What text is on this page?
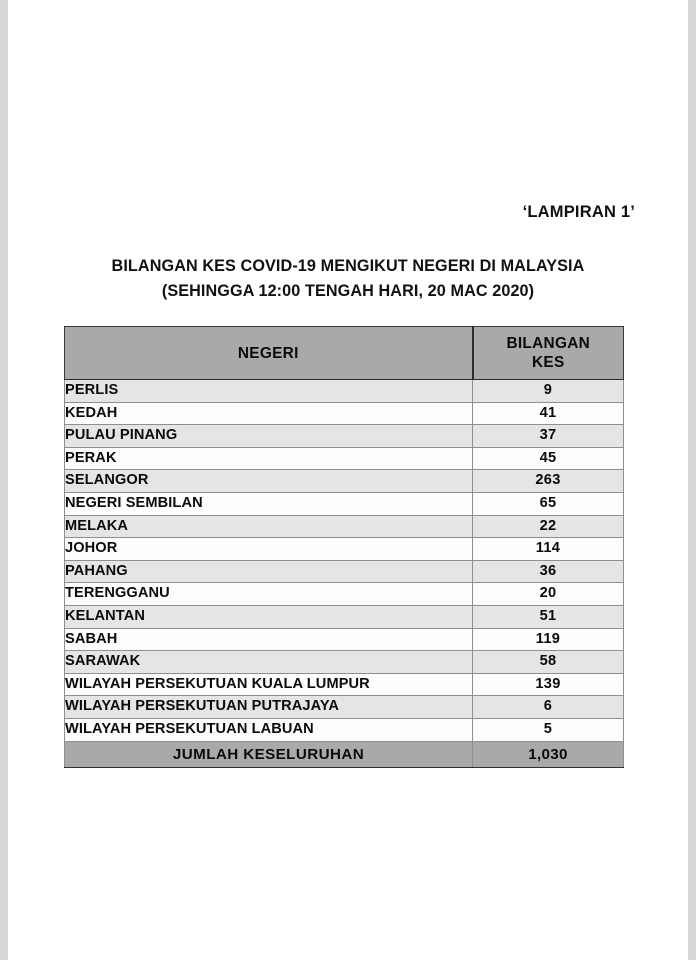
‘LAMPIRAN 1’
BILANGAN KES COVID-19 MENGIKUT NEGERI DI MALAYSIA
(SEHINGGA 12:00 TENGAH HARI, 20 MAC 2020)
NEGERI	BILANGAN
KES
PERLIS	9
KEDAH	41
PULAU PINANG	37
PERAK	45
SELANGOR	263
NEGERI SEMBILAN	65
MELAKA	22
JOHOR	114
PAHANG	36
TERENGGANU	20
KELANTAN	51
SABAH	119
SARAWAK	58
WILAYAH PERSEKUTUAN KUALA LUMPUR	139
WILAYAH PERSEKUTUAN PUTRAJAYA	6
WILAYAH PERSEKUTUAN LABUAN	5
JUMLAH KESELURUHAN	1,030
